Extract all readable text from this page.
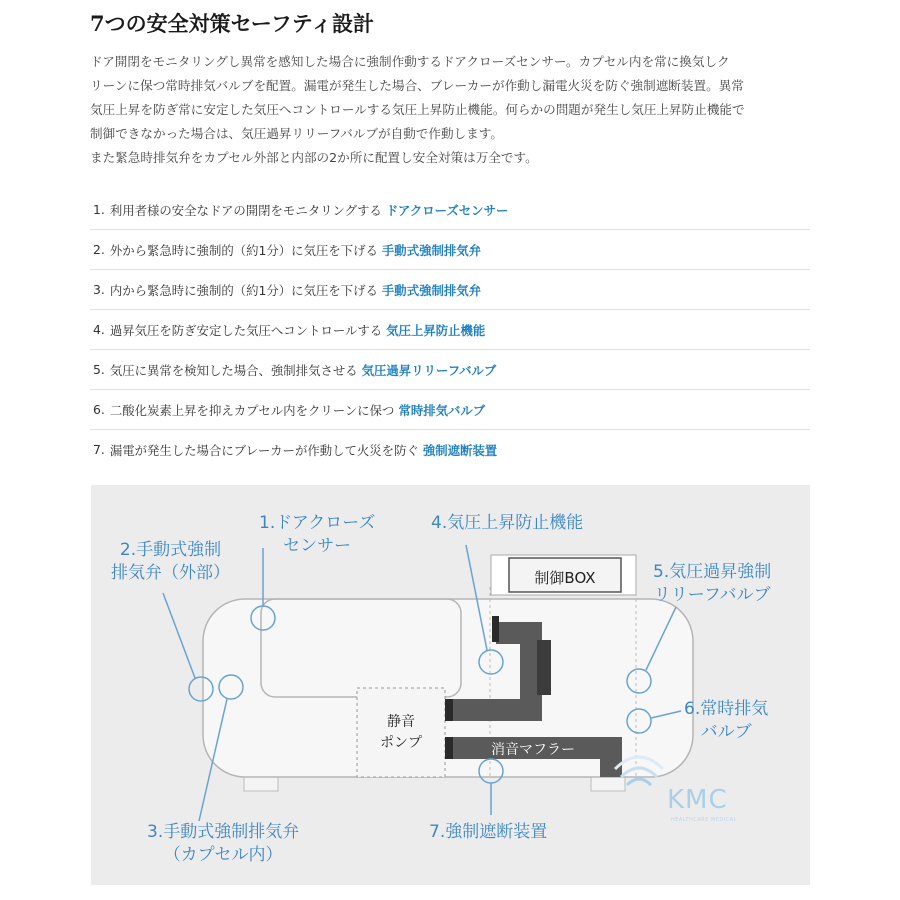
7つの安全対策セーフティ設計

ドア開閉をモニタリングし異常を感知した場合に強制作動するドアクローズセンサー。カプセル内を常に換気しク

リーンに保つ常時排気バルブを配置。漏電が発生した場合、ブレーカーが作動し漏電火災を防ぐ強制遮断装置。異常

気圧上昇を防ぎ常に安定した気圧へコントロールする気圧上昇防止機能。何らかの問題が発生し気圧上昇防止機能で

制御できなかった場合は、気圧過昇リリーフバルブが自動で作動します。

また緊急時排気弁をカプセル外部と内部の2か所に配置し安全対策は万全です。

1. 利用者様の安全なドアの開閉をモニタリングする ドアクローズセンサー
2. 外から緊急時に強制的（約1分）に気圧を下げる 手動式強制排気弁
3. 内から緊急時に強制的（約1分）に気圧を下げる 手動式強制排気弁
4. 過昇気圧を防ぎ安定した気圧へコントロールする 気圧上昇防止機能
5. 気圧に異常を検知した場合、強制排気させる 気圧過昇リリーフバルブ
6. 二酸化炭素上昇を抑えカプセル内をクリーンに保つ 常時排気バルブ
7. 漏電が発生した場合にブレーカーが作動して火災を防ぐ 強制遮断装置
1.ドアクローズ
センサー
2.手動式強制
排気弁（外部）
4.気圧上昇防止機能
5.気圧過昇強制
リリーフバルブ
6.常時排気
バルブ
3.手動式強制排気弁
（カプセル内）
7.強制遮断装置
制御BOX
静音
ポンプ	消音マフラー
KMC
HEALTHCARE MEDICAL
